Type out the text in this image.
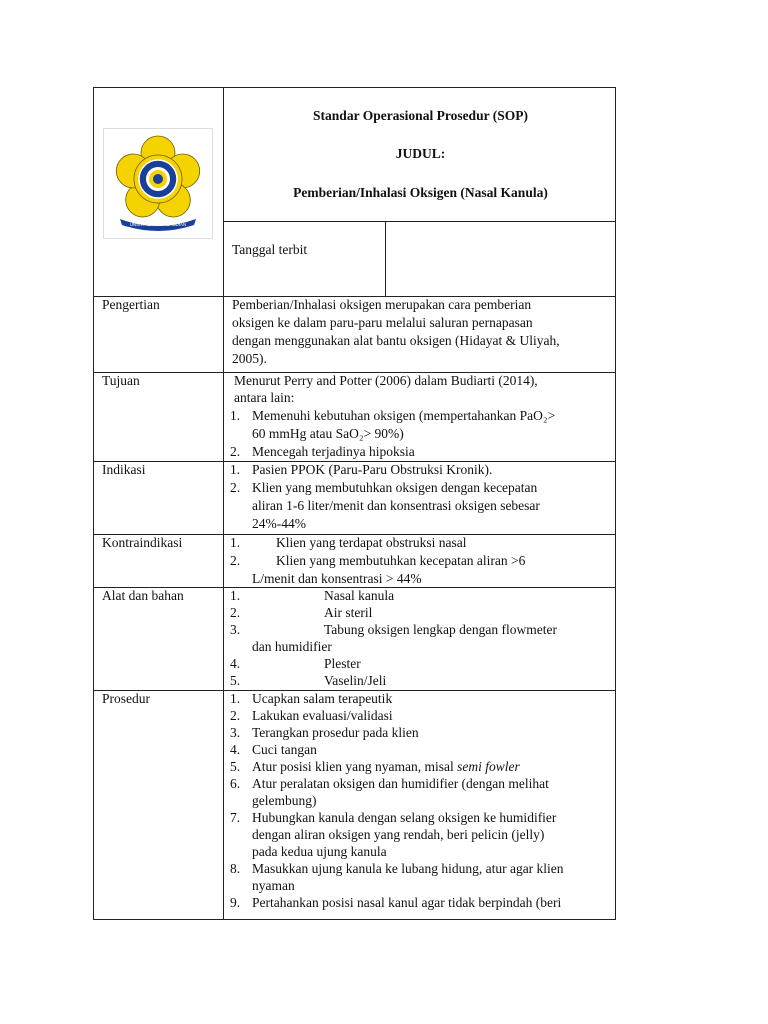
UNSRI ALAT PENGABDIAN
Standar Operasional Prosedur (SOP)
JUDUL:
Pemberian/Inhalasi Oksigen (Nasal Kanula)
Tanggal terbit
Pengertian	Pemberian/Inhalasi oksigen merupakan cara pemberian
oksigen ke dalam paru-paru melalui saluran pernapasan
dengan menggunakan alat bantu oksigen (Hidayat & Uliyah,
2005).
Tujuan	Menurut Perry and Potter (2006) dalam Budiarti (2014),
antara lain:
1. Memenuhi kebutuhan oksigen (mempertahankan PaO₂>
60 mmHg atau SaO₂> 90%)
2. Mencegah terjadinya hipoksia
Indikasi	1. Pasien PPOK (Paru-Paru Obstruksi Kronik).
2. Klien yang membutuhkan oksigen dengan kecepatan
aliran 1-6 liter/menit dan konsentrasi oksigen sebesar
24%-44%
Kontraindikasi	1.	Klien yang terdapat obstruksi nasal
2.	Klien yang membutuhkan kecepatan aliran >6
L/menit dan konsentrasi > 44%
Alat dan bahan	1.	Nasal kanula
2.	Air steril
3.	Tabung oksigen lengkap dengan flowmeter
dan humidifier
4.	Plester
5.	Vaselin/Jeli
Prosedur	1. Ucapkan salam terapeutik
2. Lakukan evaluasi/validasi
3. Terangkan prosedur pada klien
4. Cuci tangan
5. Atur posisi klien yang nyaman, misal semi fowler
6. Atur peralatan oksigen dan humidifier (dengan melihat
gelembung)
7. Hubungkan kanula dengan selang oksigen ke humidifier
dengan aliran oksigen yang rendah, beri pelicin (jelly)
pada kedua ujung kanula
8. Masukkan ujung kanula ke lubang hidung, atur agar klien
nyaman
9. Pertahankan posisi nasal kanul agar tidak berpindah (beri
